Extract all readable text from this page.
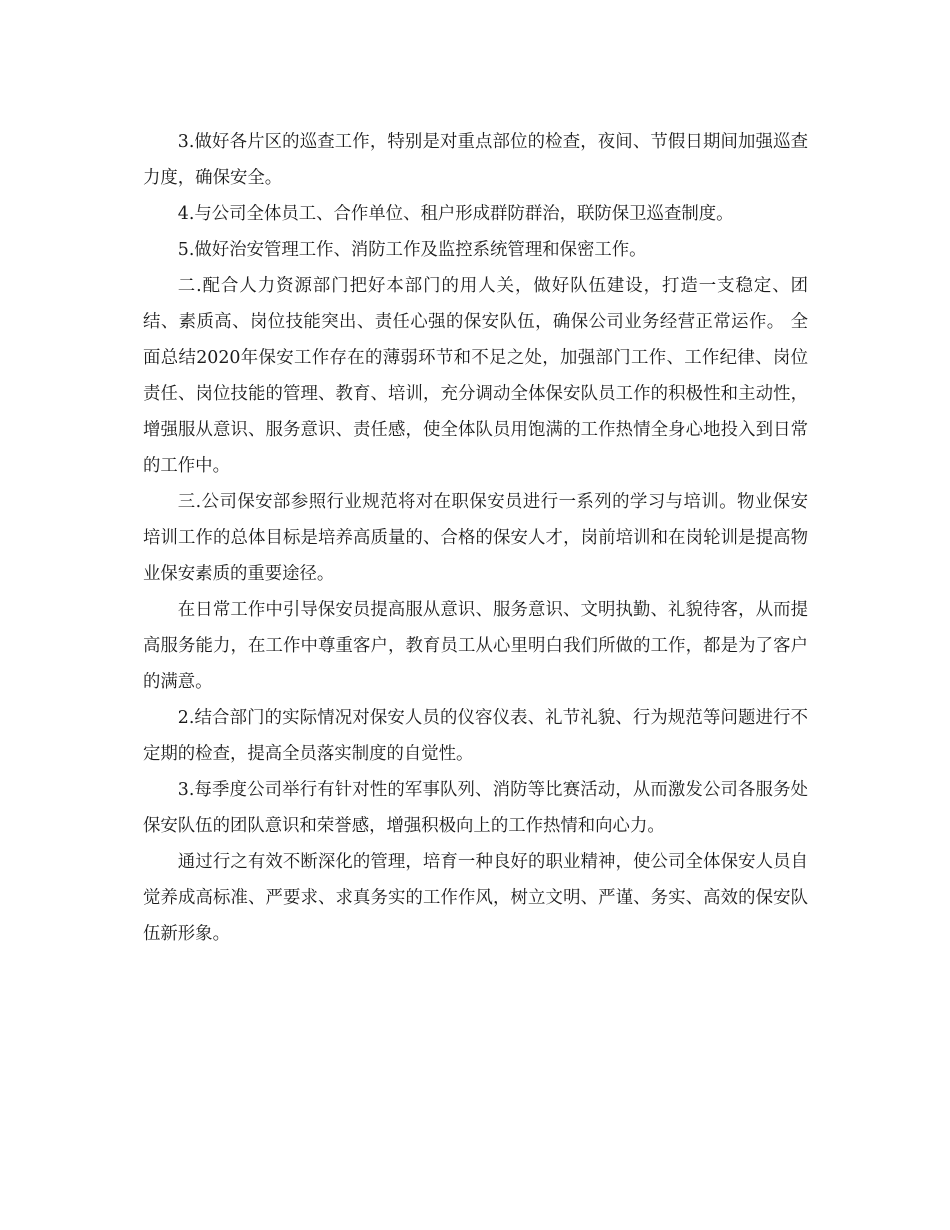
3.做好各片区的巡查工作，特别是对重点部位的检查，夜间、节假日期间加强巡查力度，确保安全。

4.与公司全体员工、合作单位、租户形成群防群治，联防保卫巡查制度。

5.做好治安管理工作、消防工作及监控系统管理和保密工作。

二.配合人力资源部门把好本部门的用人关，做好队伍建设，打造一支稳定、团结、素质高、岗位技能突出、责任心强的保安队伍，确保公司业务经营正常运作。 全面总结2020年保安工作存在的薄弱环节和不足之处，加强部门工作、工作纪律、岗位责任、岗位技能的管理、教育、培训，充分调动全体保安队员工作的积极性和主动性，增强服从意识、服务意识、责任感，使全体队员用饱满的工作热情全身心地投入到日常的工作中。

三.公司保安部参照行业规范将对在职保安员进行一系列的学习与培训。物业保安培训工作的总体目标是培养高质量的、合格的保安人才，岗前培训和在岗轮训是提高物业保安素质的重要途径。

在日常工作中引导保安员提高服从意识、服务意识、文明执勤、礼貌待客，从而提高服务能力，在工作中尊重客户，教育员工从心里明白我们所做的工作，都是为了客户的满意。

2.结合部门的实际情况对保安人员的仪容仪表、礼节礼貌、行为规范等问题进行不定期的检查，提高全员落实制度的自觉性。

3.每季度公司举行有针对性的军事队列、消防等比赛活动，从而激发公司各服务处保安队伍的团队意识和荣誉感，增强积极向上的工作热情和向心力。

通过行之有效不断深化的管理，培育一种良好的职业精神，使公司全体保安人员自觉养成高标准、严要求、求真务实的工作作风，树立文明、严谨、务实、高效的保安队伍新形象。
